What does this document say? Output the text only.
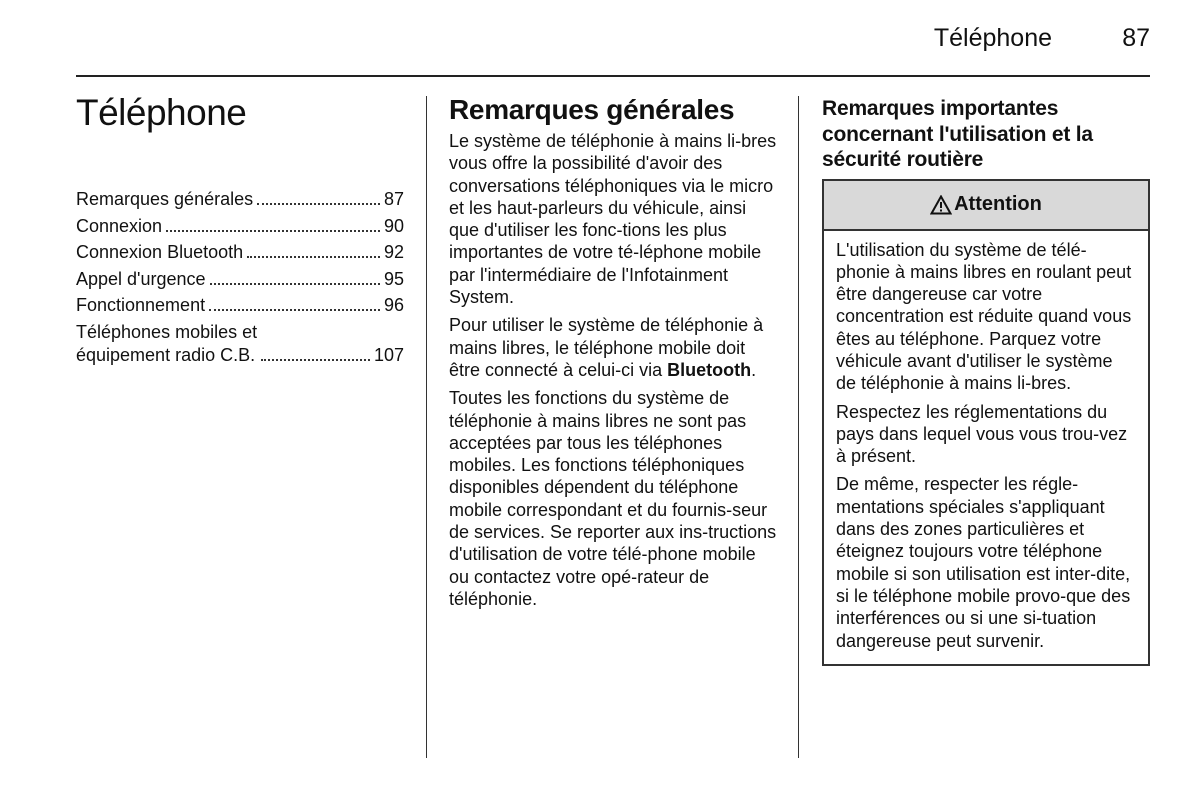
Téléphone	87
Téléphone
Remarques générales	87
Connexion	90
Connexion Bluetooth	92
Appel d'urgence	95
Fonctionnement	96
Téléphones mobiles et
équipement radio C.B.	107
Remarques générales

Le système de téléphonie à mains li-bres vous offre la possibilité d'avoir des conversations téléphoniques via le micro et les haut-parleurs du véhicule, ainsi que d'utiliser les fonc-tions les plus importantes de votre té-léphone mobile par l'intermédiaire de l'Infotainment System.

Pour utiliser le système de téléphonie à mains libres, le téléphone mobile doit être connecté à celui-ci via Bluetooth.

Toutes les fonctions du système de téléphonie à mains libres ne sont pas acceptées par tous les téléphones mobiles. Les fonctions téléphoniques disponibles dépendent du téléphone mobile correspondant et du fournis-seur de services. Se reporter aux ins-tructions d'utilisation de votre télé-phone mobile ou contactez votre opé-rateur de téléphonie.

Remarques importantes concernant l'utilisation et la sécurité routière
Attention

L'utilisation du système de télé-phonie à mains libres en roulant peut être dangereuse car votre concentration est réduite quand vous êtes au téléphone. Parquez votre véhicule avant d'utiliser le système de téléphonie à mains li-bres.

Respectez les réglementations du pays dans lequel vous vous trou-vez à présent.

De même, respecter les régle-mentations spéciales s'appliquant dans des zones particulières et éteignez toujours votre téléphone mobile si son utilisation est inter-dite, si le téléphone mobile provo-que des interférences ou si une si-tuation dangereuse peut survenir.
